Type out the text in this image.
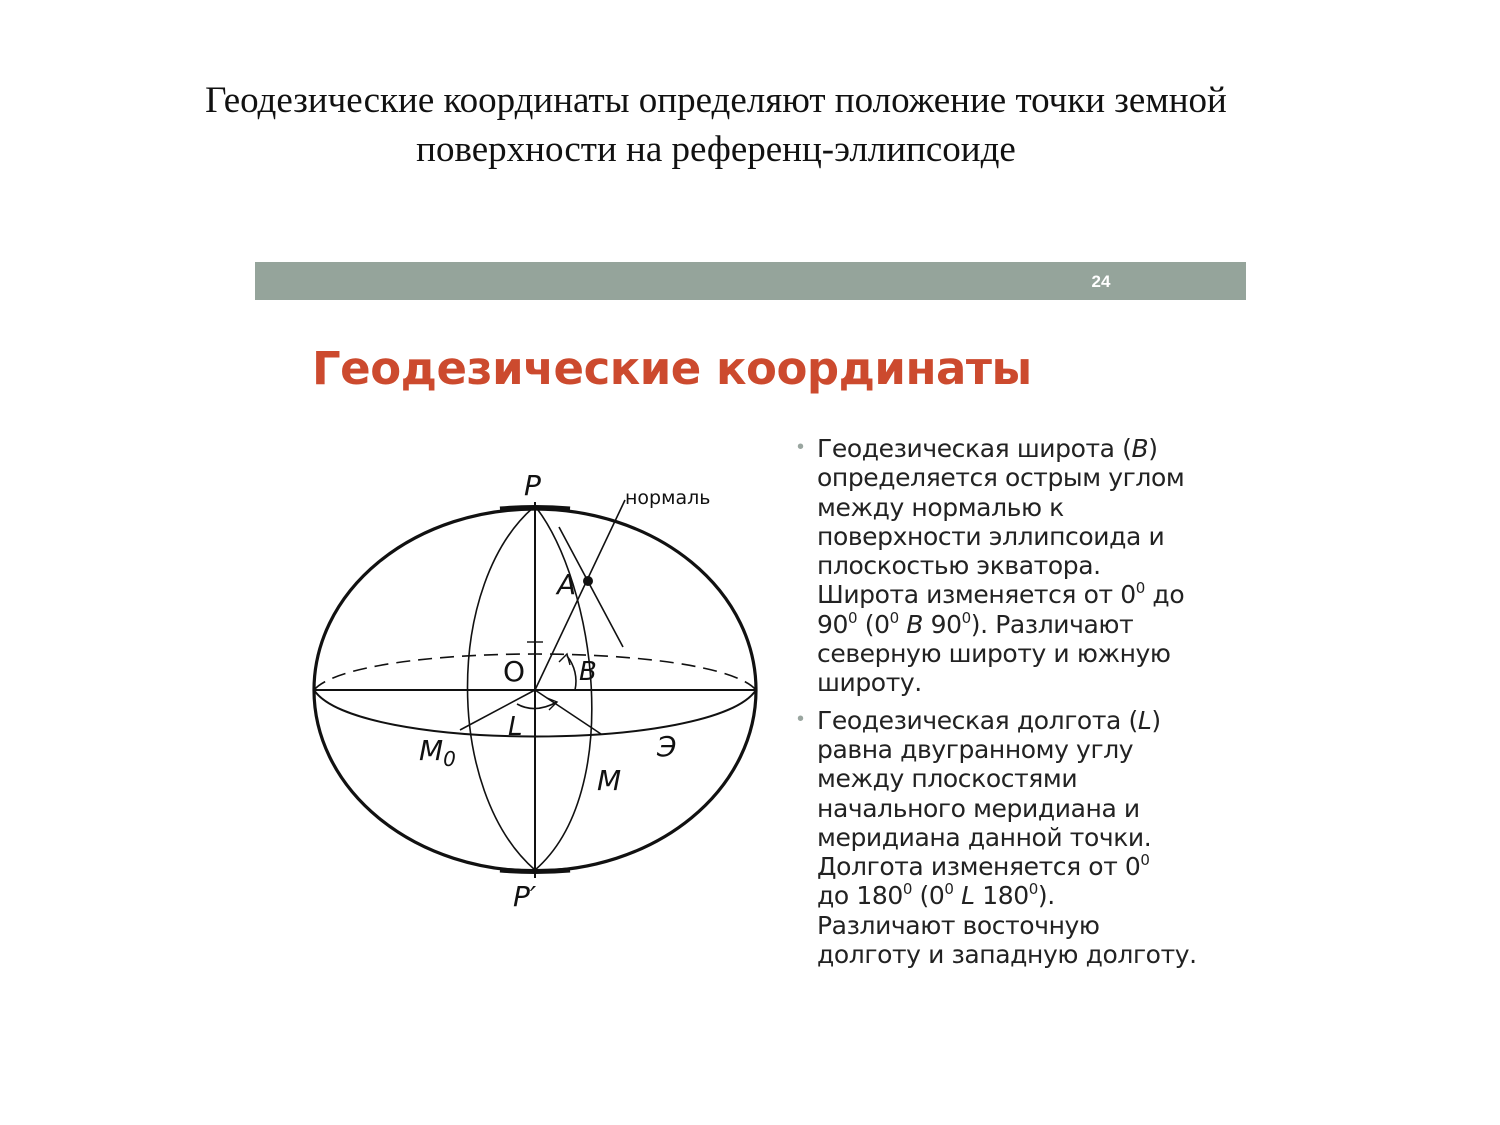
Геодезические координаты определяют положение точки земной
поверхности на референц-эллипсоиде
24
Геодезические координаты
P	нормаль
A
O B
L
$M_0$	Э
M
P′
• Геодезическая широта (B)
определяется острым углом
между нормалью к
поверхности эллипсоида и
плоскостью экватора.
Широта изменяется от $0^0$ до
$90^0$ ($0^0$ B $90^0$). Различают
северную широту и южную
широту.
• Геодезическая долгота (L)
равна двугранному углу
между плоскостями
начального меридиана и
меридиана данной точки.
Долгота изменяется от $0^0$
до $180^0$ ($0^0$ L $180^0$).
Различают восточную
долготу и западную долготу.
